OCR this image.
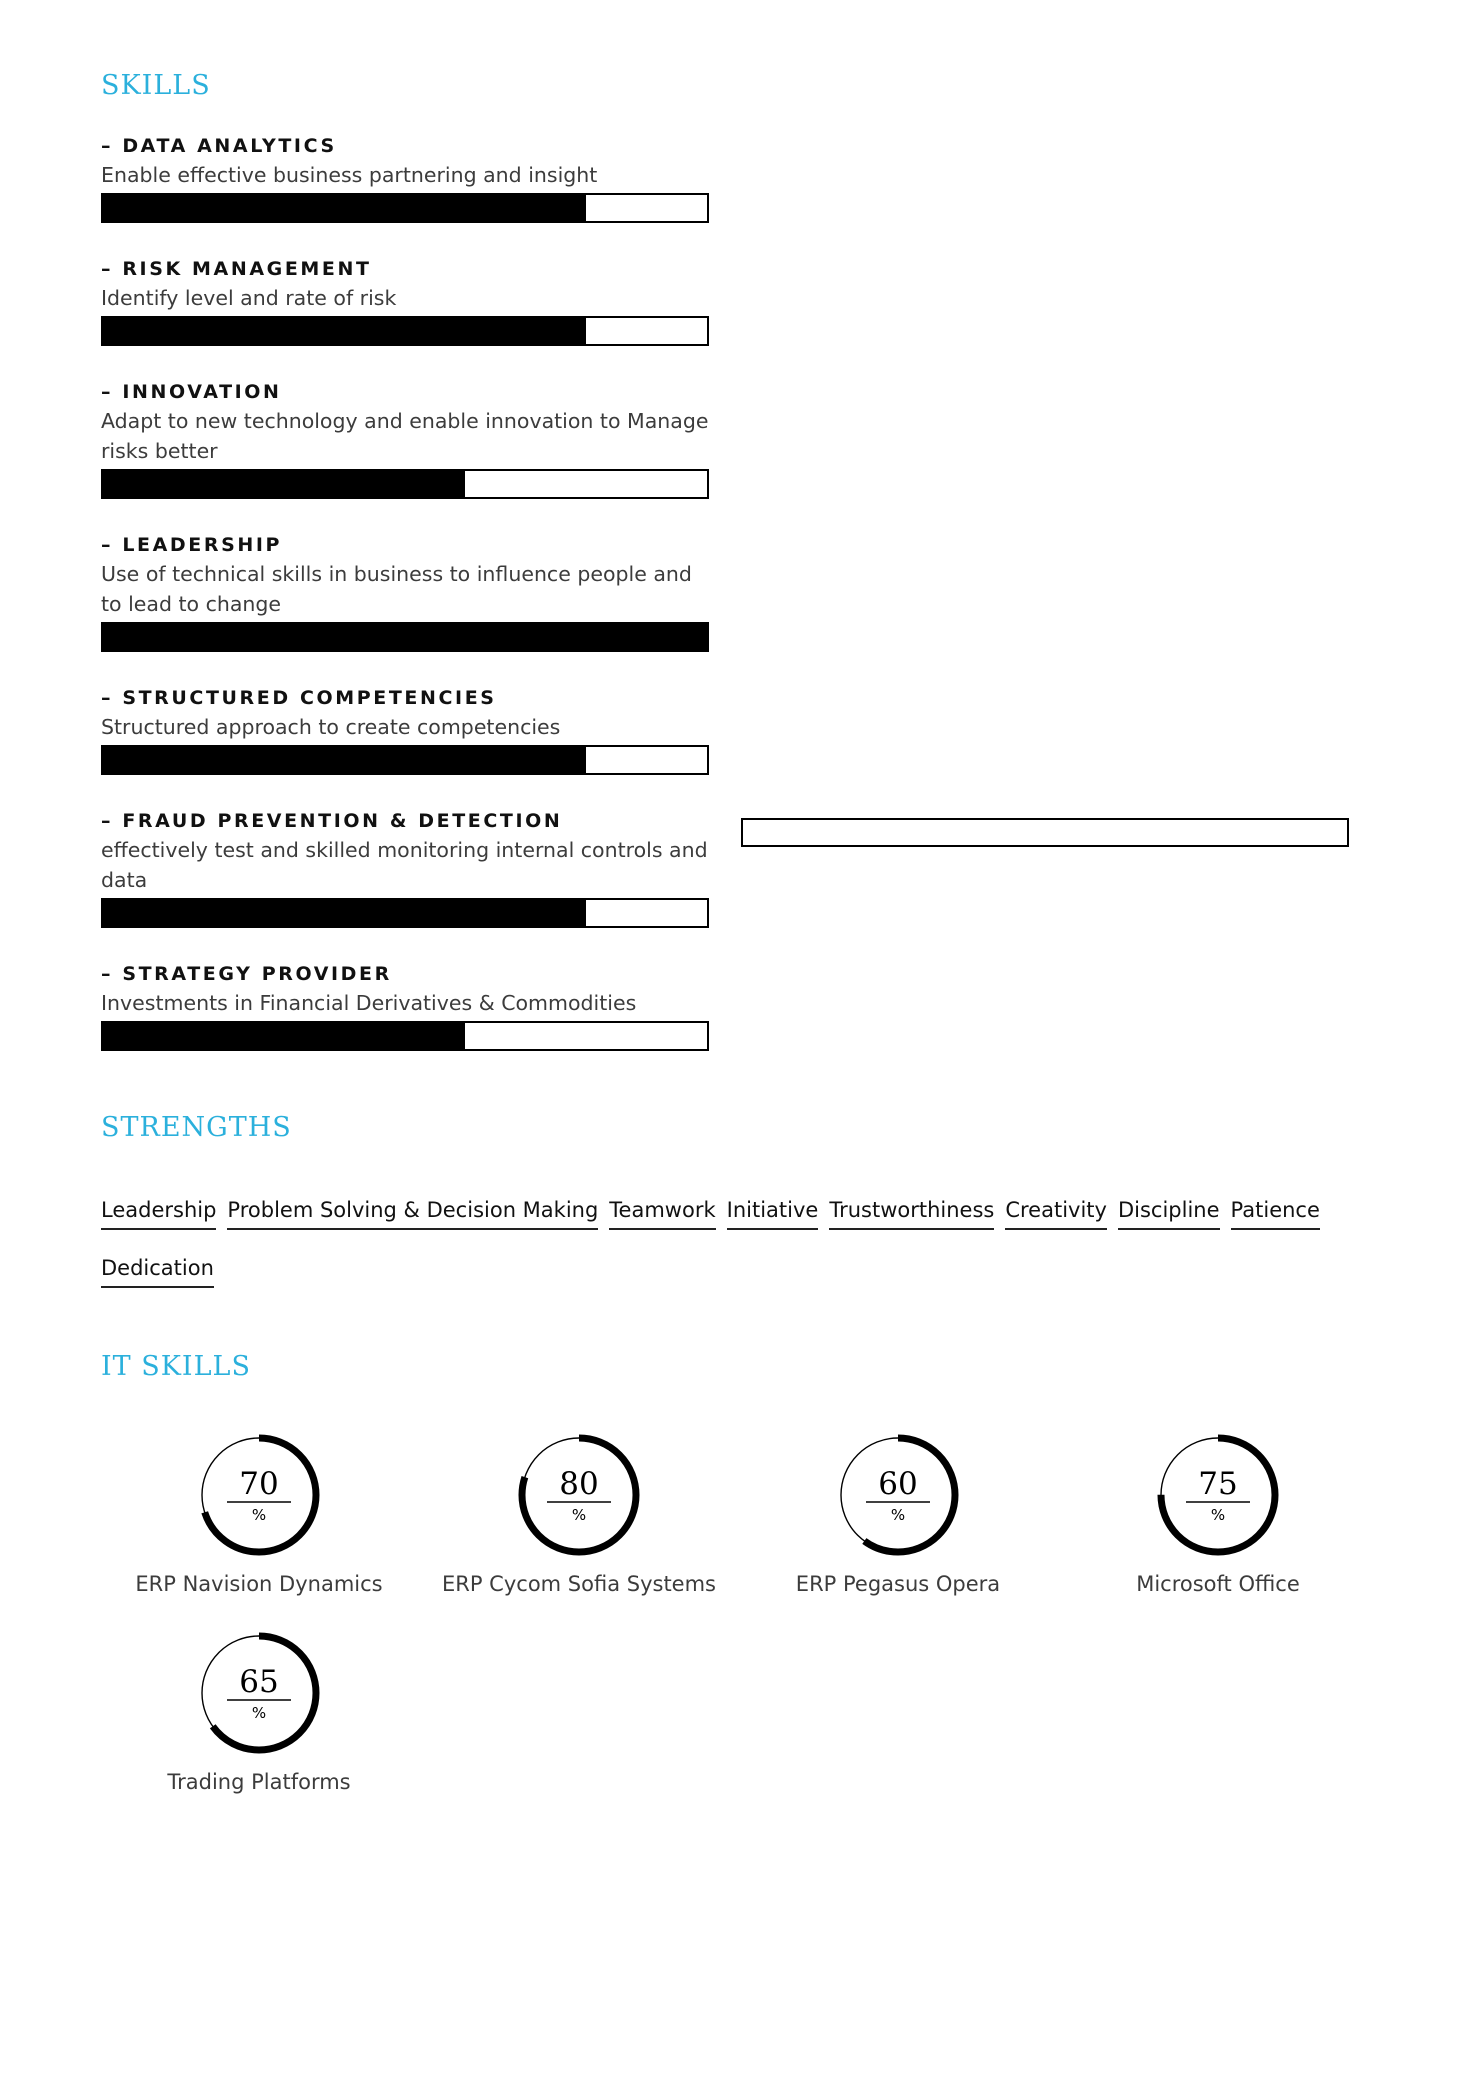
SKILLS
– DATA ANALYTICS
Enable effective business partnering and insight
– RISK MANAGEMENT
Identify level and rate of risk
– INNOVATION
Adapt to new technology and enable innovation to Manage risks better
– LEADERSHIP
Use of technical skills in business to influence people and to lead to change
– STRUCTURED COMPETENCIES
Structured approach to create competencies
– FRAUD PREVENTION & DETECTION
effectively test and skilled monitoring internal controls and data
– STRATEGY PROVIDER
Investments in Financial Derivatives & Commodities
STRENGTHS
Leadership Problem Solving & Decision Making Teamwork Initiative Trustworthiness Creativity Discipline Patience
Dedication
IT SKILLS
70
%
ERP Navision Dynamics
80
%
ERP Cycom Sofia Systems
60
%
ERP Pegasus Opera
75
%
Microsoft Office
65
%
Trading Platforms
